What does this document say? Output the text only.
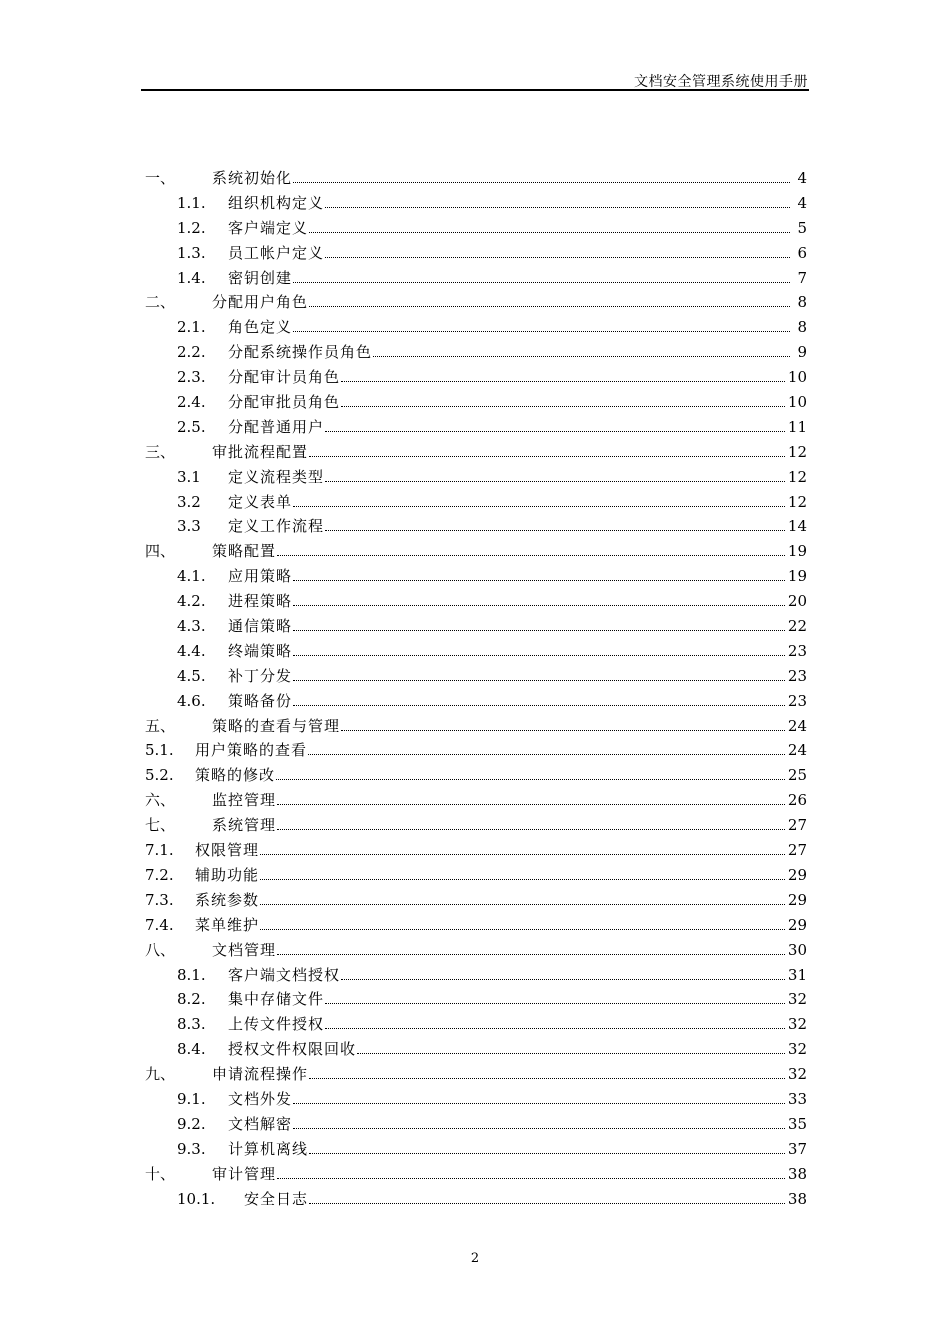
文档安全管理系统使用手册
一、	系统初始化	4
1.1.	组织机构定义	4
1.2.	客户端定义	5
1.3.	员工帐户定义	6
1.4.	密钥创建	7
二、	分配用户角色	8
2.1.	角色定义	8
2.2.	分配系统操作员角色	9
2.3.	分配审计员角色	10
2.4.	分配审批员角色	10
2.5.	分配普通用户	11
三、	审批流程配置	12
3.1	定义流程类型	12
3.2	定义表单	12
3.3	定义工作流程	14
四、	策略配置	19
4.1.	应用策略	19
4.2.	进程策略	20
4.3.	通信策略	22
4.4.	终端策略	23
4.5.	补丁分发	23
4.6.	策略备份	23
五、	策略的查看与管理	24
5.1.	用户策略的查看	24
5.2.	策略的修改	25
六、	监控管理	26
七、	系统管理	27
7.1.	权限管理	27
7.2.	辅助功能	29
7.3.	系统参数	29
7.4.	菜单维护	29
八、	文档管理	30
8.1.	客户端文档授权	31
8.2.	集中存储文件	32
8.3.	上传文件授权	32
8.4.	授权文件权限回收	32
九、	申请流程操作	32
9.1.	文档外发	33
9.2.	文档解密	35
9.3.	计算机离线	37
十、	审计管理	38
10.1.	安全日志	38
2
